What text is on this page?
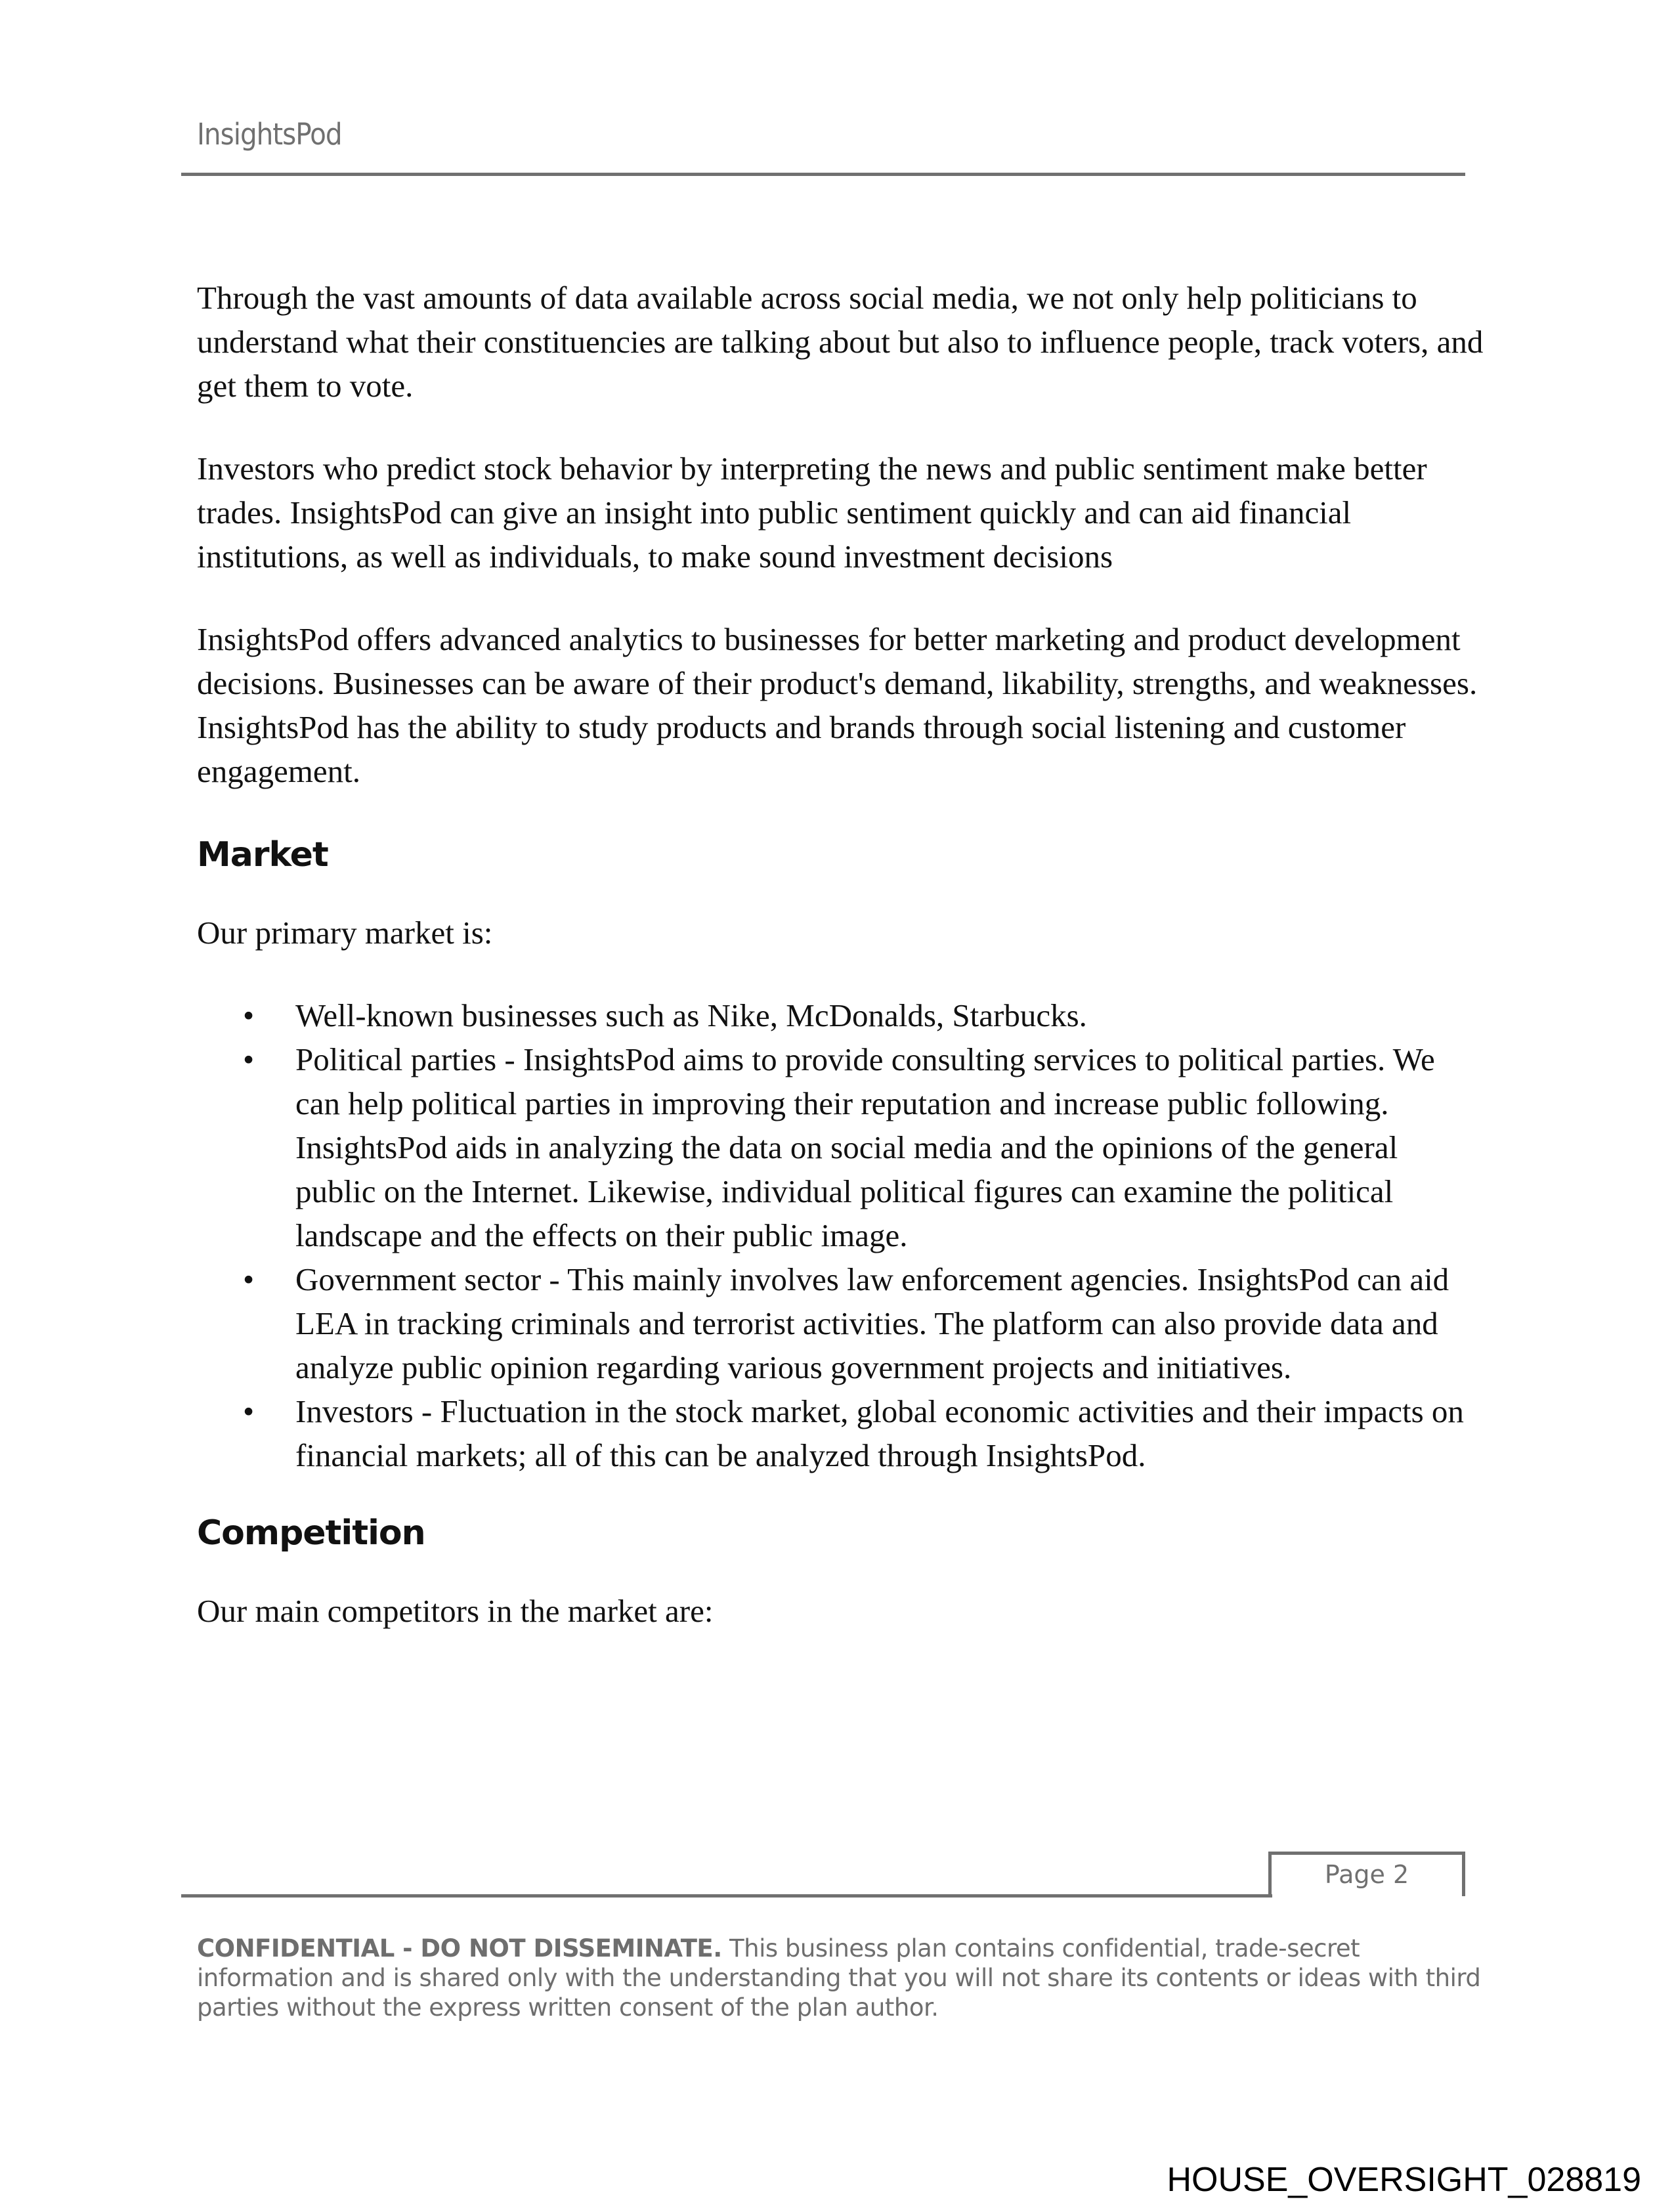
InsightsPod

Through the vast amounts of data available across social media, we not only help politicians to understand what their constituencies are talking about but also to influence people, track voters, and get them to vote.

Investors who predict stock behavior by interpreting the news and public sentiment make better trades. InsightsPod can give an insight into public sentiment quickly and can aid financial institutions, as well as individuals, to make sound investment decisions

InsightsPod offers advanced analytics to businesses for better marketing and product development decisions. Businesses can be aware of their product's demand, likability, strengths, and weaknesses. InsightsPod has the ability to study products and brands through social listening and customer engagement.

Market

Our primary market is:

• Well-known businesses such as Nike, McDonalds, Starbucks.
• Political parties - InsightsPod aims to provide consulting services to political parties. We can help political parties in improving their reputation and increase public following. InsightsPod aids in analyzing the data on social media and the opinions of the general public on the Internet. Likewise, individual political figures can examine the political landscape and the effects on their public image.
• Government sector - This mainly involves law enforcement agencies. InsightsPod can aid LEA in tracking criminals and terrorist activities. The platform can also provide data and analyze public opinion regarding various government projects and initiatives.
• Investors - Fluctuation in the stock market, global economic activities and their impacts on financial markets; all of this can be analyzed through InsightsPod.
Competition

Our main competitors in the market are:

Page 2
CONFIDENTIAL - DO NOT DISSEMINATE. This business plan contains confidential, trade-secret information and is shared only with the understanding that you will not share its contents or ideas with third parties without the express written consent of the plan author.
HOUSE_OVERSIGHT_028819
